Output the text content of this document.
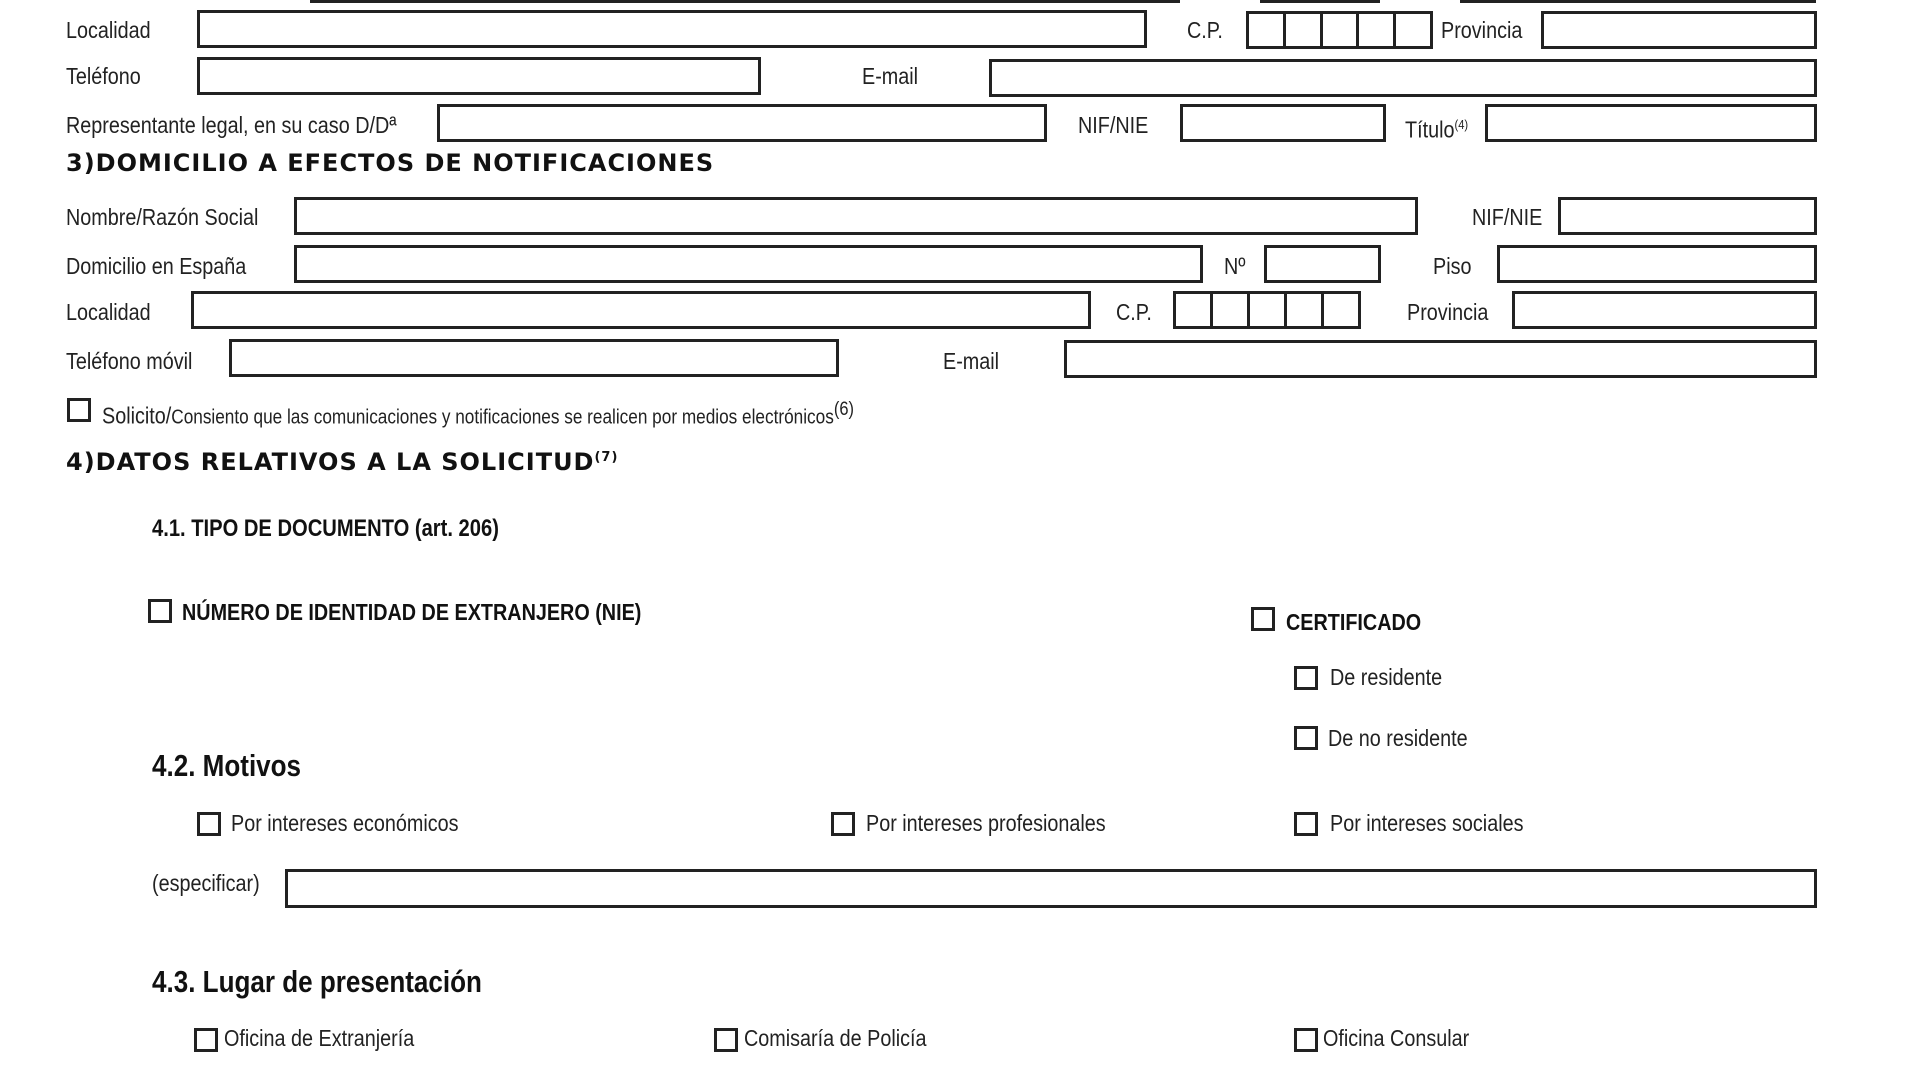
Localidad	C.P.	Provincia
Teléfono	E-mail
Representante legal, en su caso D/Dª	NIF/NIE	Título$^{(4)}$
3)DOMICILIO A EFECTOS DE NOTIFICACIONES
Nombre/Razón Social	NIF/NIE
Domicilio en España	Nº	Piso
Localidad	C.P.	Provincia
Teléfono móvil	E-mail
Solicito/Consiento que las comunicaciones y notificaciones se realicen por medios electrónicos$^{(6)}$
4)DATOS RELATIVOS A LA SOLICITUD$^{(7)}$
4.1. TIPO DE DOCUMENTO (art. 206)
NÚMERO DE IDENTIDAD DE EXTRANJERO (NIE)	CERTIFICADO
De residente
De no residente
4.2. Motivos
Por intereses económicos	Por intereses profesionales	Por intereses sociales
(especificar)
4.3. Lugar de presentación
Oficina de Extranjería	Comisaría de Policía	Oficina Consular
